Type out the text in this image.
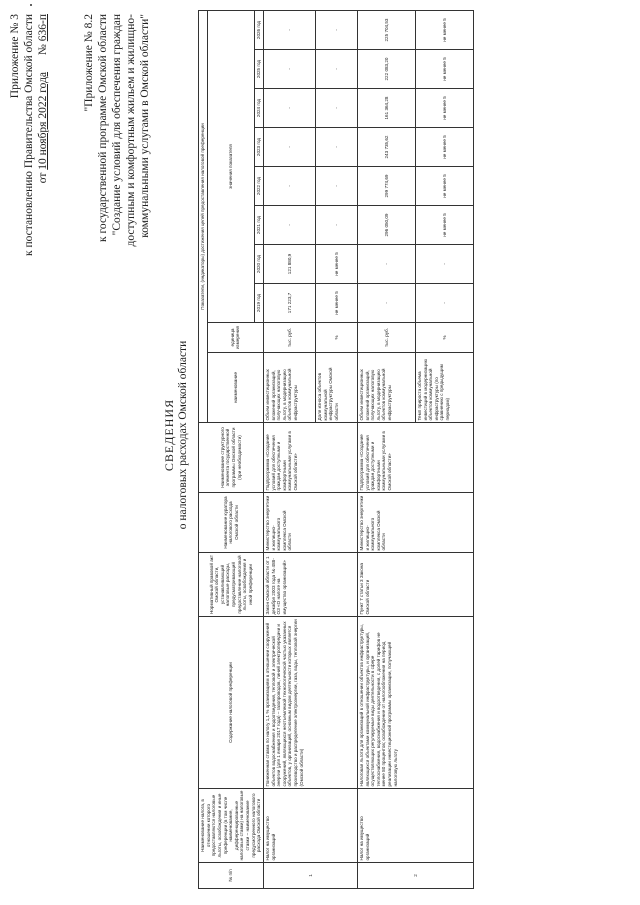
Приложение № 3 к постановлению Правительства Омской области от 10 ноября 2022 года № 636-п	"Приложение № 8.2 к государственной программе Омской области "Создание условий для обеспечения граждан доступным и комфортным жильем и жилищно- коммунальными услугами в Омской области"
СВЕДЕНИЯ о налоговых расходах Омской области
№ п/п	Наименование налога, в отношении которого предоставляются налоговые льготы, освобождения и иные преференции (в том числе наименование, дифференцированные налоговые ставки) на налоговые ставки – наименование предусмотренного налогового расхода Омской области	Содержание налоговой преференции	Нормативный правовой акт Омской области, устанавливающий налоговые расходы, предусматривающий предоставление налоговой льготы, освобождения и иной преференции	Наименование куратора налогового расхода Омской области	Наименование структурного элемента государственной программы Омской области (при необходимости)	Показатели, (индикаторы) достижения целей предоставления налоговой преференции									
						наименование	единица измерения	значения показателя							
								2019 год	2020 год	2021 год	2022 год	2023 год	2024 год	2025 год	2026 год
1	Налог на имущество организаций	Пониженная ставка по налогу 1,1 % организациям в отношении сооружений объектов водоснабжения и водоотведения, тепловой и электрической энергии (для 1 января 2017 года) – газопроводов, линий электропередачи и сооружений, являющихся неотъемлемой технологической частью указанных объектов, у организаций, основным видом деятельности которых является производство и распределение электроэнергии, газа, воды, тепловой энергии (Омской области)	Закон Омской области от 1 декабря 2003 года № 488-ОЗ «О налоге на имущество организаций»	Министерство энергетики и жилищно-коммунального комплекса Омской области	Подпрограмма «Создание условий для обеспечения граждан доступными и комфортными коммунальными услугами в Омской области»	Объем инвестиционных вложений организаций, получающих налоговую льготу, в модернизацию объектов коммунальной инфраструктуры	тыс. руб.	171 223,7	121 880,9	-	-	-	-	-	-
						Доля износа объектов коммунальной инфраструктуры Омской области	%	не менее 5	не менее 5	-	-	-	-	-	-
2	Налог на имущество организаций	Налоговая льгота для организаций в отношении объектов инфраструктуры, являющихся объектами коммунальной инфраструктуры, и организаций, осуществляющих регулируемые виды деятельности в сфере теплоснабжения, водоснабжения и водоотведения, с долей тарифов не менее 80 процентов; освобождение от налогообложения на период реализации инвестиционной программы организации, получающей налоговую льготу	Пункт 7 статьи 3 Закона Омской области	Министерство энергетики и жилищно-коммунального комплекса Омской области	Подпрограмма «Создание условий для обеспечения граждан доступными и комфортными коммунальными услугами в Омской области»	Объем инвестиционных вложений организаций, получающих налоговую льготу, в модернизацию объектов коммунальной инфраструктуры	тыс. руб.	-	-	296 050,09	299 774,69	243 735,62	161 364,28	222 083,20	225 704,53
						Темп прироста объема инвестиций в модернизацию объектов коммунальной инфраструктуры (по сравнению с предыдущим периодом)	%	-	-	не менее 5	не менее 5	не менее 5	не менее 5	не менее 5	не менее 5
